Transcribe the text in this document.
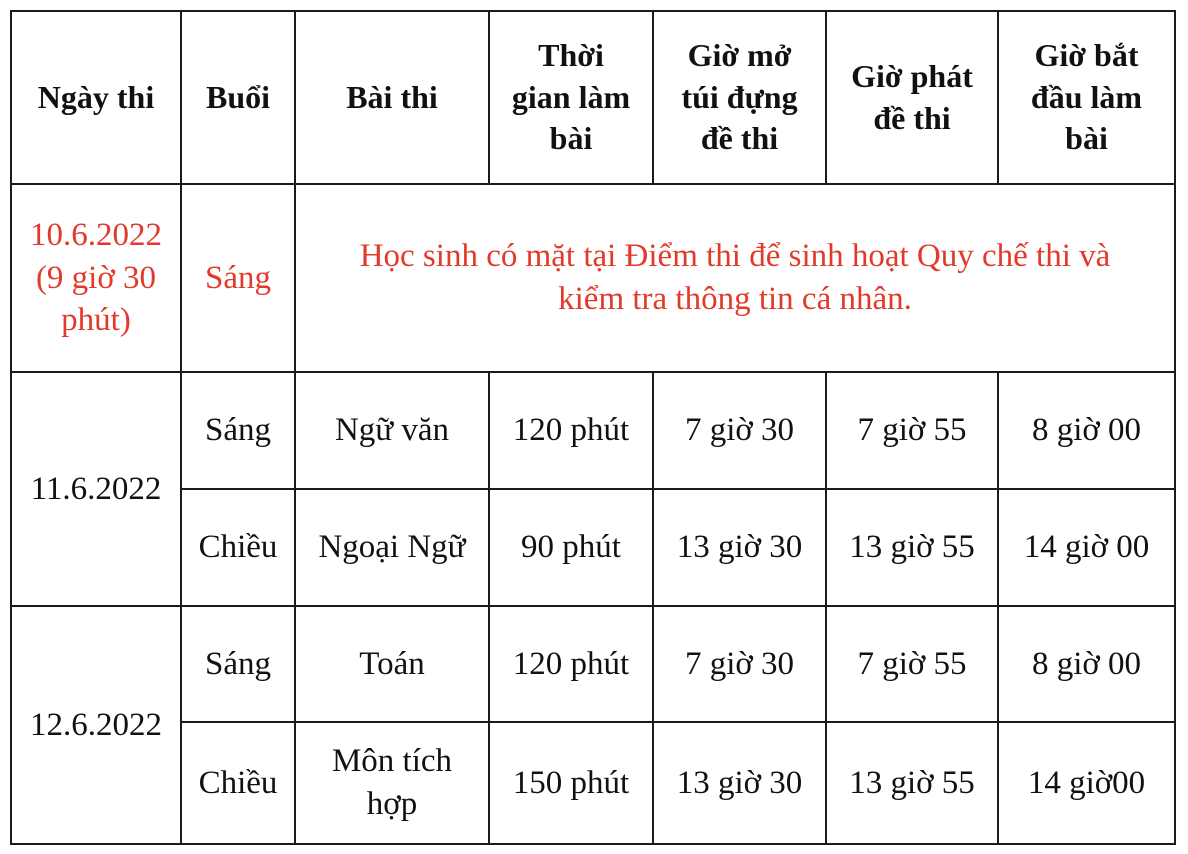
Ngày thi	Buổi	Bài thi	Thời
gian làm
bài	Giờ mở
túi đựng
đề thi	Giờ phát
đề thi	Giờ bắt
đầu làm
bài
10.6.2022
(9 giờ 30
phút)	Sáng	Học sinh có mặt tại Điểm thi để sinh hoạt Quy chế thi và
kiểm tra thông tin cá nhân.				
11.6.2022	Sáng	Ngữ văn	120 phút	7 giờ 30	7 giờ 55	8 giờ 00
	Chiều	Ngoại Ngữ	90 phút	13 giờ 30	13 giờ 55	14 giờ 00
12.6.2022	Sáng	Toán	120 phút	7 giờ 30	7 giờ 55	8 giờ 00
	Chiều	Môn tích
hợp	150 phút	13 giờ 30	13 giờ 55	14 giờ00
